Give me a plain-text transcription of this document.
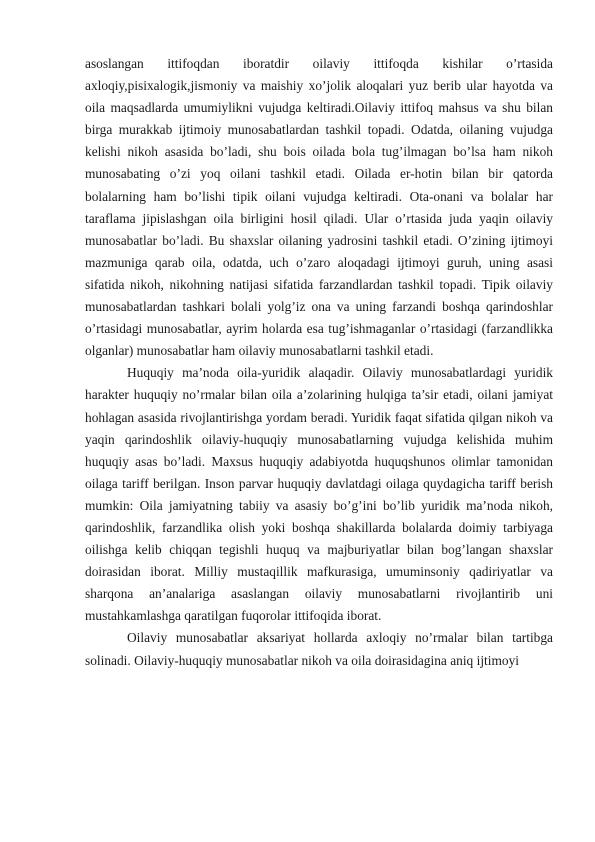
asoslangan ittifoqdan iboratdir oilaviy ittifoqda kishilar o’rtasida axloqiy,pisixalogik,jismoniy va maishiy xo’jolik aloqalari yuz berib ular hayotda va oila maqsadlarda umumiylikni vujudga keltiradi.Oilaviy ittifoq mahsus va shu bilan birga murakkab ijtimoiy munosabatlardan tashkil topadi. Odatda, oilaning vujudga kelishi nikoh asasida bo’ladi, shu bois oilada bola tug’ilmagan bo’lsa ham nikoh munosabating o’zi yoq oilani tashkil etadi. Oilada er-hotin bilan bir qatorda bolalarning ham bo’lishi tipik oilani vujudga keltiradi. Ota-onani va bolalar har taraflama jipislashgan oila birligini hosil qiladi. Ular o’rtasida juda yaqin oilaviy munosabatlar bo’ladi. Bu shaxslar oilaning yadrosini tashkil etadi. O’zining ijtimoyi mazmuniga qarab oila, odatda, uch o’zaro aloqadagi ijtimoyi guruh, uning asasi sifatida nikoh, nikohning natijasi sifatida farzandlardan tashkil topadi. Tipik oilaviy munosabatlardan tashkari bolali yolg’iz ona va uning farzandi boshqa qarindoshlar o’rtasidagi munosabatlar, ayrim holarda esa tug’ishmaganlar o’rtasidagi (farzandlikka olganlar) munosabatlar ham oilaviy munosabatlarni tashkil etadi.

Huquqiy ma’noda oila-yuridik alaqadir. Oilaviy munosabatlardagi yuridik harakter huquqiy no’rmalar bilan oila a’zolarining hulqiga ta’sir etadi, oilani jamiyat hohlagan asasida rivojlantirishga yordam beradi. Yuridik faqat sifatida qilgan nikoh va yaqin qarindoshlik oilaviy-huquqiy munosabatlarning vujudga kelishida muhim huquqiy asas bo’ladi. Maxsus huquqiy adabiyotda huquqshunos olimlar tamonidan oilaga tariff berilgan. Inson parvar huquqiy davlatdagi oilaga quydagicha tariff berish mumkin: Oila jamiyatning tabiiy va asasiy bo’g’ini bo’lib yuridik ma’noda nikoh, qarindoshlik, farzandlika olish yoki boshqa shakillarda bolalarda doimiy tarbiyaga oilishga kelib chiqqan tegishli huquq va majburiyatlar bilan bog’langan shaxslar doirasidan iborat. Milliy mustaqillik mafkurasiga, umuminsoniy qadiriyatlar va sharqona an’analariga asaslangan oilaviy munosabatlarni rivojlantirib uni mustahkamlashga qaratilgan fuqorolar ittifoqida iborat.

Oilaviy munosabatlar aksariyat hollarda axloqiy no’rmalar bilan tartibga solinadi. Oilaviy-huquqiy munosabatlar nikoh va oila doirasidagina aniq ijtimoyi
